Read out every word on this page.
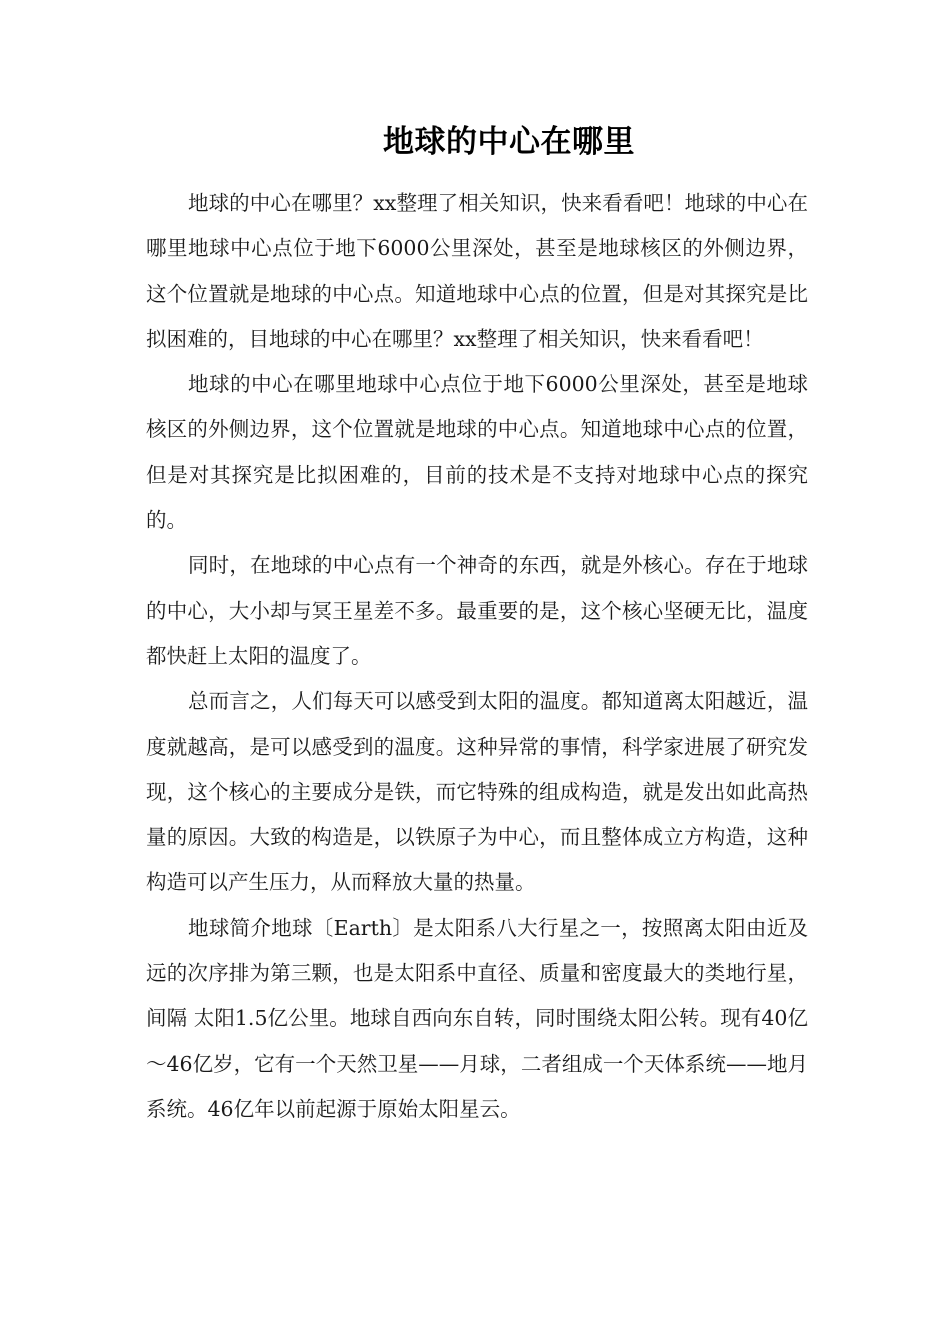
地球的中心在哪里

地球的中心在哪里？xx整理了相关知识，快来看看吧！地球的中心在哪里地球中心点位于地下6000公里深处，甚至是地球核区的外侧边界，这个位置就是地球的中心点。知道地球中心点的位置，但是对其探究是比拟困难的，目地球的中心在哪里？xx整理了相关知识，快来看看吧！

地球的中心在哪里地球中心点位于地下6000公里深处，甚至是地球核区的外侧边界，这个位置就是地球的中心点。知道地球中心点的位置，但是对其探究是比拟困难的，目前的技术是不支持对地球中心点的探究的。

同时，在地球的中心点有一个神奇的东西，就是外核心。存在于地球的中心，大小却与冥王星差不多。最重要的是，这个核心坚硬无比，温度都快赶上太阳的温度了。

总而言之，人们每天可以感受到太阳的温度。都知道离太阳越近，温度就越高，是可以感受到的温度。这种异常的事情，科学家进展了研究发现，这个核心的主要成分是铁，而它特殊的组成构造，就是发出如此高热量的原因。大致的构造是，以铁原子为中心，而且整体成立方构造，这种构造可以产生压力，从而释放大量的热量。

地球简介地球〔Earth〕是太阳系八大行星之一，按照离太阳由近及远的次序排为第三颗，也是太阳系中直径、质量和密度最大的类地行星，间隔 太阳1.5亿公里。地球自西向东自转，同时围绕太阳公转。现有40亿～46亿岁，它有一个天然卫星——月球，二者组成一个天体系统——地月系统。46亿年以前起源于原始太阳星云。
